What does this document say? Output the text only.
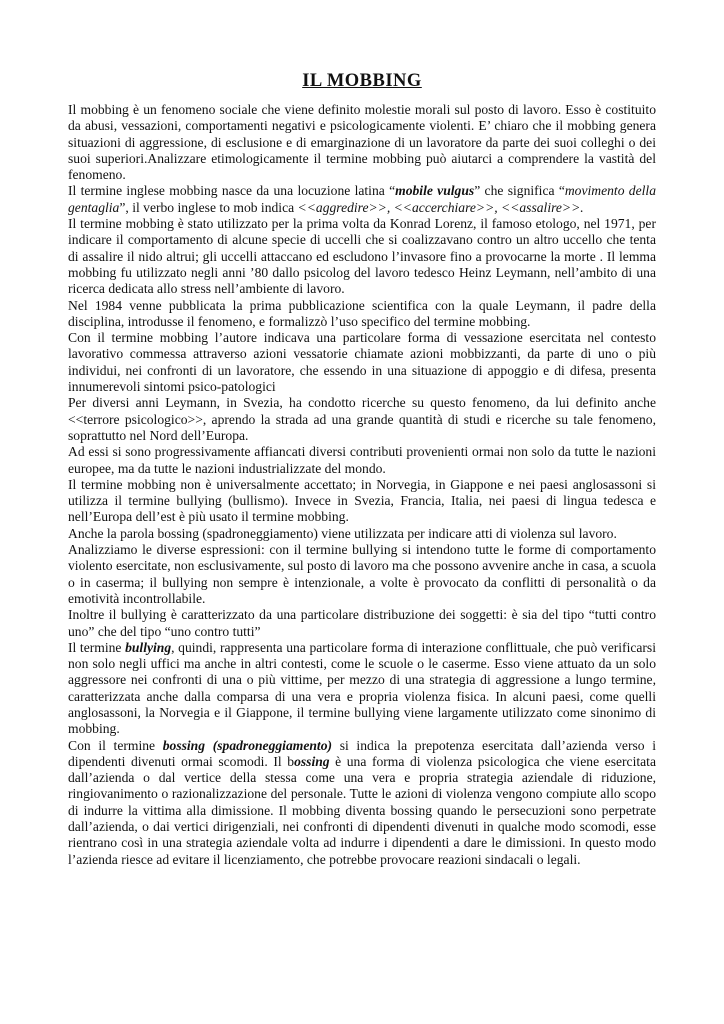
IL MOBBING

Il mobbing è un fenomeno sociale che viene definito molestie morali sul posto di lavoro. Esso è costituito da abusi, vessazioni, comportamenti negativi e psicologicamente violenti. E’ chiaro che il mobbing genera situazioni di aggressione, di esclusione e di emarginazione di un lavoratore da parte dei suoi colleghi o dei suoi superiori.Analizzare etimologicamente il termine mobbing può aiutarci a comprendere la vastità del fenomeno.

Il termine inglese mobbing nasce da una locuzione latina “mobile vulgus” che significa “movimento della gentaglia”, il verbo inglese to mob indica <<aggredire>>, <<accerchiare>>, <<assalire>>.

Il termine mobbing è stato utilizzato per la prima volta da Konrad Lorenz, il famoso etologo, nel 1971, per indicare il comportamento di alcune specie di uccelli che si coalizzavano contro un altro uccello che tenta di assalire il nido altrui; gli uccelli attaccano ed escludono l’invasore fino a provocarne la morte . Il lemma mobbing fu utilizzato negli anni ’80 dallo psicolog del lavoro tedesco Heinz Leymann, nell’ambito di una ricerca dedicata allo stress nell’ambiente di lavoro.

Nel 1984 venne pubblicata la prima pubblicazione scientifica con la quale Leymann, il padre della disciplina, introdusse il fenomeno, e formalizzò l’uso specifico del termine mobbing.

Con il termine mobbing l’autore indicava una particolare forma di vessazione esercitata nel contesto lavorativo commessa attraverso azioni vessatorie chiamate azioni mobbizzanti, da parte di uno o più individui, nei confronti di un lavoratore, che essendo in una situazione di appoggio e di difesa, presenta innumerevoli sintomi psico-patologici

Per diversi anni Leymann, in Svezia, ha condotto ricerche su questo fenomeno, da lui definito anche <<terrore psicologico>>, aprendo la strada ad una grande quantità di studi e ricerche su tale fenomeno, soprattutto nel Nord dell’Europa.

Ad essi si sono progressivamente affiancati diversi contributi provenienti ormai non solo da tutte le nazioni europee, ma da tutte le nazioni industrializzate del mondo.

Il termine mobbing non è universalmente accettato; in Norvegia, in Giappone e nei paesi anglosassoni si utilizza il termine bullying (bullismo). Invece in Svezia, Francia, Italia, nei paesi di lingua tedesca e nell’Europa dell’est è più usato il termine mobbing.

Anche la parola bossing (spadroneggiamento) viene utilizzata per indicare atti di violenza sul lavoro.

Analizziamo le diverse espressioni: con il termine bullying si intendono tutte le forme di comportamento violento esercitate, non esclusivamente, sul posto di lavoro ma che possono avvenire anche in casa, a scuola o in caserma; il bullying non sempre è intenzionale, a volte è provocato da conflitti di personalità o da emotività incontrollabile.

Inoltre il bullying è caratterizzato da una particolare distribuzione dei soggetti: è sia del tipo “tutti contro uno” che del tipo “uno contro tutti”

Il termine bullying, quindi, rappresenta una particolare forma di interazione conflittuale, che può verificarsi non solo negli uffici ma anche in altri contesti, come le scuole o le caserme. Esso viene attuato da un solo aggressore nei confronti di una o più vittime, per mezzo di una strategia di aggressione a lungo termine, caratterizzata anche dalla comparsa di una vera e propria violenza fisica. In alcuni paesi, come quelli anglosassoni, la Norvegia e il Giappone, il termine bullying viene largamente utilizzato come sinonimo di mobbing.

Con il termine bossing (spadroneggiamento) si indica la prepotenza esercitata dall’azienda verso i dipendenti divenuti ormai scomodi. Il bossing è una forma di violenza psicologica che viene esercitata dall’azienda o dal vertice della stessa come una vera e propria strategia aziendale di riduzione, ringiovanimento o razionalizzazione del personale. Tutte le azioni di violenza vengono compiute allo scopo di indurre la vittima alla dimissione. Il mobbing diventa bossing quando le persecuzioni sono perpetrate dall’azienda, o dai vertici dirigenziali, nei confronti di dipendenti divenuti in qualche modo scomodi, esse rientrano così in una strategia aziendale volta ad indurre i dipendenti a dare le dimissioni. In questo modo l’azienda riesce ad evitare il licenziamento, che potrebbe provocare reazioni sindacali o legali.
